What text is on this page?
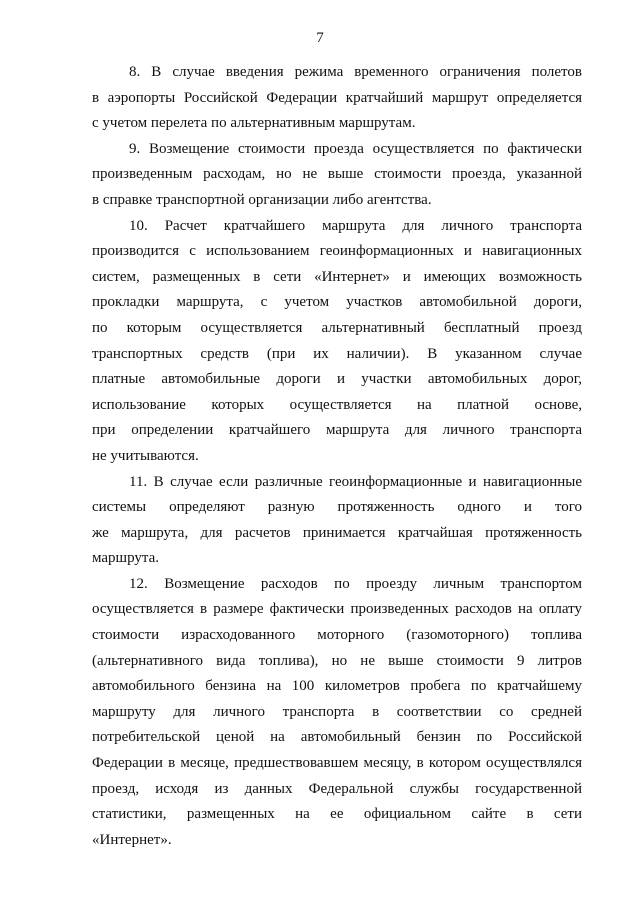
7
8. В случае введения режима временного ограничения полетов
в аэропорты Российской Федерации кратчайший маршрут определяется
с учетом перелета по альтернативным маршрутам.
9. Возмещение стоимости проезда осуществляется по фактически
произведенным расходам, но не выше стоимости проезда, указанной
в справке транспортной организации либо агентства.
10. Расчет кратчайшего маршрута для личного транспорта
производится с использованием геоинформационных и навигационных
систем, размещенных в сети «Интернет» и имеющих возможность
прокладки маршрута, с учетом участков автомобильной дороги,
по которым осуществляется альтернативный бесплатный проезд
транспортных средств (при их наличии). В указанном случае
платные автомобильные дороги и участки автомобильных дорог,
использование которых осуществляется на платной основе,
при определении кратчайшего маршрута для личного транспорта
не учитываются.
11. В случае если различные геоинформационные и навигационные
системы определяют разную протяженность одного и того
же маршрута, для расчетов принимается кратчайшая протяженность
маршрута.
12. Возмещение расходов по проезду личным транспортом
осуществляется в размере фактически произведенных расходов на оплату
стоимости израсходованного моторного (газомоторного) топлива
(альтернативного вида топлива), но не выше стоимости 9 литров
автомобильного бензина на 100 километров пробега по кратчайшему
маршруту для личного транспорта в соответствии со средней
потребительской ценой на автомобильный бензин по Российской
Федерации в месяце, предшествовавшем месяцу, в котором осуществлялся
проезд, исходя из данных Федеральной службы государственной
статистики, размещенных на ее официальном сайте в сети
«Интернет».
